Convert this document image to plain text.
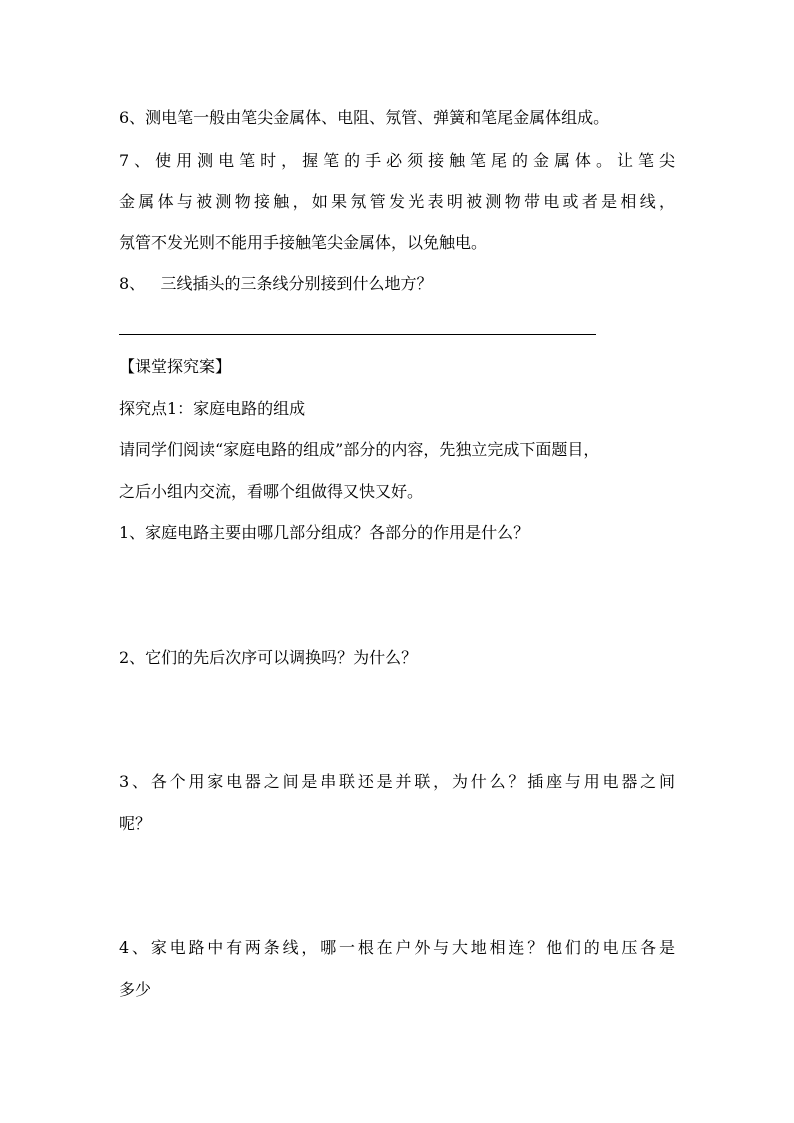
6、测电笔一般由笔尖金属体、电阻、氖管、弹簧和笔尾金属体组成。
7、使用测电笔时，握笔的手必须接触笔尾的金属体。让笔尖
金属体与被测物接触，如果氖管发光表明被测物带电或者是相线，
氖管不发光则不能用手接触笔尖金属体，以免触电。
8、   三线插头的三条线分别接到什么地方？
【课堂探究案】
探究点1：家庭电路的组成
请同学们阅读“家庭电路的组成”部分的内容，先独立完成下面题目，
之后小组内交流，看哪个组做得又快又好。
1、家庭电路主要由哪几部分组成？各部分的作用是什么？
2、它们的先后次序可以调换吗？为什么？
3、各个用家电器之间是串联还是并联，为什么？插座与用电器之间
呢？
4、家电路中有两条线，哪一根在户外与大地相连？他们的电压各是
多少
